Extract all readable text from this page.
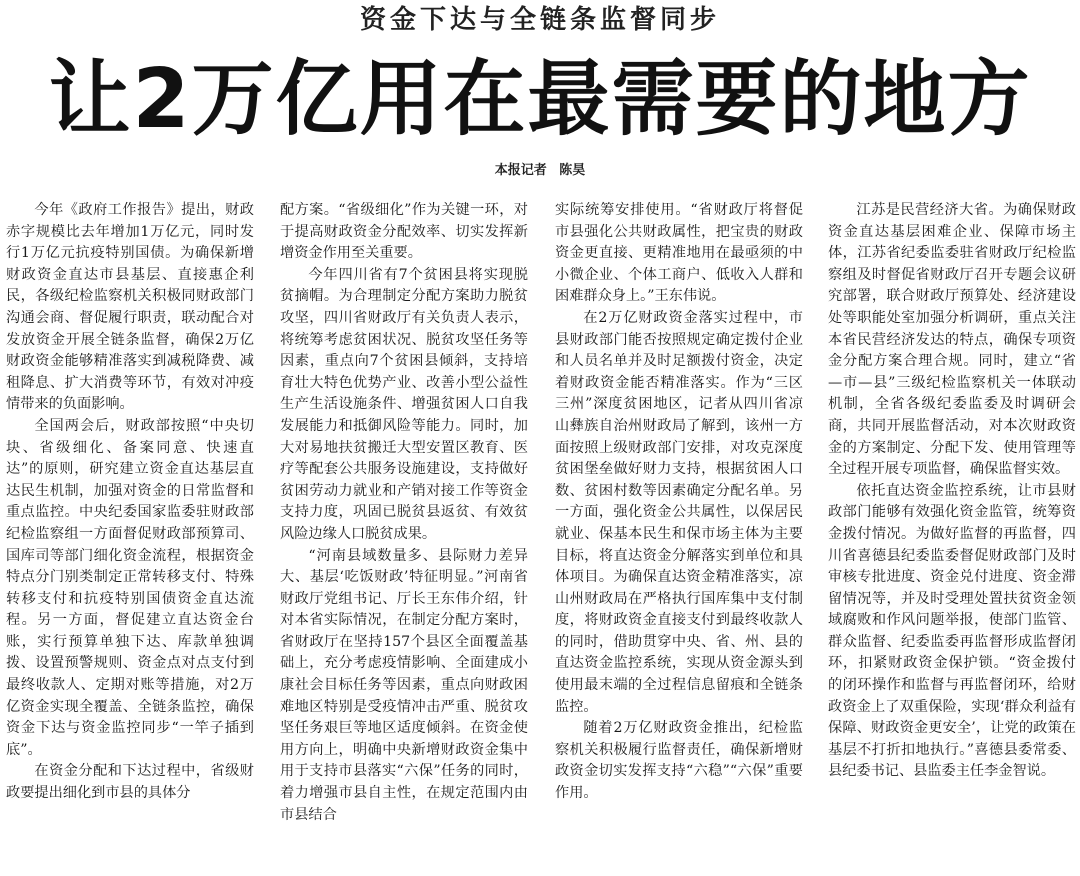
资金下达与全链条监督同步
让2万亿用在最需要的地方
本报记者 陈昊

今年《政府工作报告》提出，财政赤字规模比去年增加1万亿元，同时发行1万亿元抗疫特别国债。为确保新增财政资金直达市县基层、直接惠企利民，各级纪检监察机关积极同财政部门沟通会商、督促履行职责，联动配合对发放资金开展全链条监督，确保2万亿财政资金能够精准落实到减税降费、减租降息、扩大消费等环节，有效对冲疫情带来的负面影响。

全国两会后，财政部按照“中央切块、省级细化、备案同意、快速直达”的原则，研究建立资金直达基层直达民生机制，加强对资金的日常监督和重点监控。中央纪委国家监委驻财政部纪检监察组一方面督促财政部预算司、国库司等部门细化资金流程，根据资金特点分门别类制定正常转移支付、特殊转移支付和抗疫特别国债资金直达流程。另一方面，督促建立直达资金台账，实行预算单独下达、库款单独调拨、设置预警规则、资金点对点支付到最终收款人、定期对账等措施，对2万亿资金实现全覆盖、全链条监控，确保资金下达与资金监控同步“一竿子插到底”。

在资金分配和下达过程中，省级财政要提出细化到市县的具体分

配方案。“省级细化”作为关键一环，对于提高财政资金分配效率、切实发挥新增资金作用至关重要。

今年四川省有7个贫困县将实现脱贫摘帽。为合理制定分配方案助力脱贫攻坚，四川省财政厅有关负责人表示，将统筹考虑贫困状况、脱贫攻坚任务等因素，重点向7个贫困县倾斜，支持培育壮大特色优势产业、改善小型公益性生产生活设施条件、增强贫困人口自我发展能力和抵御风险等能力。同时，加大对易地扶贫搬迁大型安置区教育、医疗等配套公共服务设施建设，支持做好贫困劳动力就业和产销对接工作等资金支持力度，巩固已脱贫县返贫、有效贫风险边缘人口脱贫成果。

“河南县域数量多、县际财力差异大、基层‘吃饭财政’特征明显。”河南省财政厅党组书记、厅长王东伟介绍，针对本省实际情况，在制定分配方案时，省财政厅在坚持157个县区全面覆盖基础上，充分考虑疫情影响、全面建成小康社会目标任务等因素，重点向财政困难地区特别是受疫情冲击严重、脱贫攻坚任务艰巨等地区适度倾斜。在资金使用方向上，明确中央新增财政资金集中用于支持市县落实“六保”任务的同时，着力增强市县自主性，在规定范围内由市县结合

实际统筹安排使用。“省财政厅将督促市县强化公共财政属性，把宝贵的财政资金更直接、更精准地用在最亟须的中小微企业、个体工商户、低收入人群和困难群众身上。”王东伟说。

在2万亿财政资金落实过程中，市县财政部门能否按照规定确定拨付企业和人员名单并及时足额拨付资金，决定着财政资金能否精准落实。作为“三区三州”深度贫困地区，记者从四川省凉山彝族自治州财政局了解到，该州一方面按照上级财政部门安排，对攻克深度贫困堡垒做好财力支持，根据贫困人口数、贫困村数等因素确定分配名单。另一方面，强化资金公共属性，以保居民就业、保基本民生和保市场主体为主要目标，将直达资金分解落实到单位和具体项目。为确保直达资金精准落实，凉山州财政局在严格执行国库集中支付制度，将财政资金直接支付到最终收款人的同时，借助贯穿中央、省、州、县的直达资金监控系统，实现从资金源头到使用最末端的全过程信息留痕和全链条监控。

随着2万亿财政资金推出，纪检监察机关积极履行监督责任，确保新增财政资金切实发挥支持“六稳”“六保”重要作用。

江苏是民营经济大省。为确保财政资金直达基层困难企业、保障市场主体，江苏省纪委监委驻省财政厅纪检监察组及时督促省财政厅召开专题会议研究部署，联合财政厅预算处、经济建设处等职能处室加强分析调研，重点关注本省民营经济发达的特点，确保专项资金分配方案合理合规。同时，建立“省—市—县”三级纪检监察机关一体联动机制，全省各级纪委监委及时调研会商，共同开展监督活动，对本次财政资金的方案制定、分配下发、使用管理等全过程开展专项监督，确保监督实效。

依托直达资金监控系统，让市县财政部门能够有效强化资金监管，统筹资金拨付情况。为做好监督的再监督，四川省喜德县纪委监委督促财政部门及时审核专批进度、资金兑付进度、资金滞留情况等，并及时受理处置扶贫资金领域腐败和作风问题举报，使部门监管、群众监督、纪委监委再监督形成监督闭环，扣紧财政资金保护锁。“资金拨付的闭环操作和监督与再监督闭环，给财政资金上了双重保险，实现‘群众利益有保障、财政资金更安全’，让党的政策在基层不打折扣地执行。”喜德县委常委、县纪委书记、县监委主任李金智说。
